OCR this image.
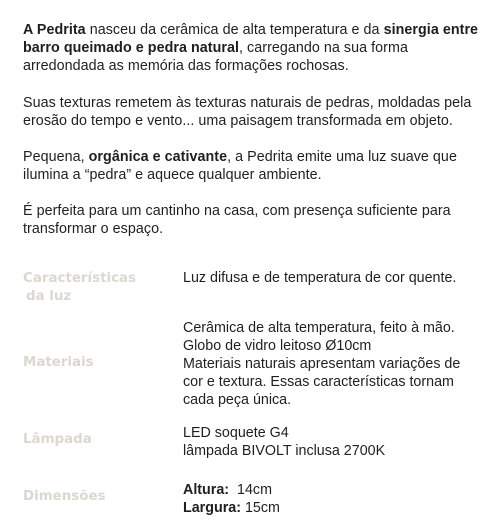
A Pedrita nasceu da cerâmica de alta temperatura e da sinergia entre barro queimado e pedra natural, carregando na sua forma arredondada as memória das formações rochosas.

Suas texturas remetem às texturas naturais de pedras, moldadas pela erosão do tempo e vento... uma paisagem transformada em objeto.

Pequena, orgânica e cativante, a Pedrita emite uma luz suave que ilumina a “pedra” e aquece qualquer ambiente.

É perfeita para um cantinho na casa, com presença suficiente para transformar o espaço.

Características
da luz
Luz difusa e de temperatura de cor quente.
Materiais
Cerâmica de alta temperatura, feito à mão.
Globo de vidro leitoso Ø10cm
Materiais naturais apresentam variações de
cor e textura. Essas características tornam
cada peça única.
Lâmpada	LED soquete G4
lâmpada BIVOLT inclusa 2700K
Dimensões	Altura:  14cm
Largura: 15cm
